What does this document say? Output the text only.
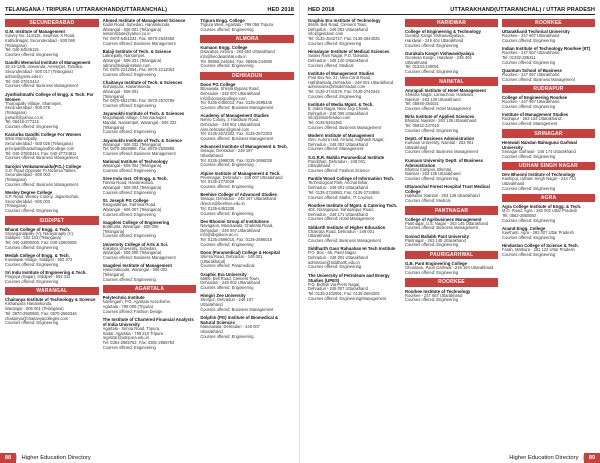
TELANGANA / TRIPURA / UTTARAKHAND(UTTARANCHAL)	HED 2018
SECUNDERABAD
G.M. Institute of Management
Survey No. 114/115, Seuman, X Road,
Kathidinagar, Secunderabad - 500 090
(Telangana)
Tel: 040-64546115
Courses offered: Engineering
Gandhi Memorial Institute of Management
16-13-12/B, Jeevanda, Ameerpet, Tarnaka,
Secunderabad - 500 017 (Telangana)
admin@gmim.edu.in
Tel: 040-27010444
Courses offered: Business Management
Jyothishmathi College of Engg. & Tech. For Women
Thurpupally Village, Shamirpet,
Secunderabad - 500 078
(Telangana)
jcetwdr@yahoo.co.in
Tel: 08418-277315
Courses offered: Engineering
Kasturba Gandhi College For Women
West Marredpally,
Secunderabad - 500 026 (Telangana)
principal@kasturbagandhicollege.com
Tel: 040-27800414, Fax: 040-27734811
Courses offered: Business Management
Sarojini Venkatamnaidu(P.G.) College
S.D. Road Opposite To Nizamia Tables
Secunderabad - 500 003
(Telangana)
Courses offered: Business Management
Wesley Degree College
S.P. Road, Wesley Colony, Jaganmohan,
Secunderabad - 500 003
(Telangana)
Courses offered: Engineering
SIDDIPET
Bharat College of Engg. & Tech.
Sriranganalpally (V), Narayanaply (V),
Siddipet - 502 103 (Telangana)
Tel: 040-23800000, Fax: 040-23800005
Courses offered: Engineering
Medak College of Engg. & Tech.
Kondapak Village, Siddipet - 502 372
Courses offered: Engineering
Sri Indu Institute of Engineering & Tech.
Pragnya (Sagar), Siddipet - 502 311
Courses offered: Engineering
WARANGAL
Chaitanya Institute of Technology & Science
Kishanpura Hanamkonda,
Warangal - 506 001 (Telangana)
Tel: 0870-2580880, Fax: 0870-2580346
chaitanya@chaitanyacolleges.com
Courses offered: Engineering
Ahmed Institute of Management Science
Kadiri Road, Subedari, Hanamkonda,
Warangal - 506 001 (Telangana)
aimsinstitute@yahoo.co.in
Tel: 0870-6451234, Fax: 0870-2544658
Courses offered: Business Management
Balaji Institute of Tech. & Science
Laknepally, Narsampet,
Warangal - 506 331 (Telangana)
admin@balajiinstitute.com
Tel: 0870-2212054, Fax: 0870-2212053
Courses offered: Engineering
Chaitanya Institute of Tech. & Sciences
Kishanpura, Hanamkonda,
Warangal - 506 001
(Telangana)
Tel: 0870-6522786, Fax: 0870-2570786
Courses offered: Engineering
Jayamukhi Institute of Tech. & Sciences
Mogullapalli Village, Chennaraopet
Mandal, Narsampet, Warangal - 506 332
(Telangana)
Courses offered: Engineering
Jayamukhi Institute of Tech. & Science
Warangal - 506 332 (Telangana)
Tel: 0870-2528888, Fax: 0870-2528888
Courses offered: Business Management
National Institute of Technology
Warangal - 506 004 (Telangana)
Courses offered: Engineering
Sree Indu Inst. Of Engg. & Tech.
Fatima Road, Hanamkonda,
Warangal - 506 004 (Telangana)
Courses offered: Engineering
St. Joseph PG College
Rangarakhan, Fathima Road,
Warangal - 506 007 (Telangana)
Courses offered: Engineering
Vaagdevi College of Engineering
Bollikunta, Warangal - 506 005
(Telangana)
Courses offered: Engineering
University College of Arts & Sci.
Kakatiya University, Subedari,
Warangal - 506 009 (Telangana)
Courses offered: Business Management
Vaagdevi Institute of Management
Hanumakonda, Warangal - 506 002
(Telangana)
Courses offered: Engineering
AGARTALA
Polytechnic Institute
Narsingarh, P.O. Agartala Aerodrome,
Agartala - 799 009 (Tripura)
Courses offered: Fashion Design
The Institute of Chartered Financial Analysts of India University
Agartala - Simna Road, Tripura,
Sadar, Agartala - 799 210 Tripura
registrar@iutripura.edu.in
Tel: 0381-2865752, Fax: 0381-2865754
Courses offered: Engineering
Tripura Engg. College
Tripura West, Agartala - 799 055 Tripura
Courses offered: Engineering
ALMORA
Kumaon Engg. College
Dwarahat, Almora - 263 653 Uttarakhand
info@kecdwarahat.edu.in
Tel: 05966-244564, Fax: 05966-244580
Courses offered: Engineering
DEHRADUN
Doon PG College
Bhauwala, Shimla Bypass Road,
Dehradun - 248 007 Uttarakhand
info@doonpgcollege.com
Tel: 0135-6450012, Fax: 0135-2695445
Courses offered: Business Management
Academy of Management Studies
Nehru Colony, 2 Haridwar Road,
Dehradun - 248 001 Uttarakhand
ams.dehradun@gmail.com
Tel: 0135-2672302, Fax: 0135-2672303
Courses offered: Business Management
Advanced Institute of Management & Tech.
Selaqui, Dehradun - 248 197
Uttarakhand
Tel: 0135-2698035, Fax: 0135-2698036
Courses offered: Engineering
Alpine Institute of Management & Tech.
Premnagar, Dehradun - 248 007 Uttarakhand
Tel: 0135-2773028
Courses offered: Engineering
Beehive College of Advanced Studies
Selaqui, Dehradun - 248 197 Uttarakhand
director@beehive.edu.in
Tel: 0135-6453339
Courses offered: Engineering
Dev Bhoomi Group of Institutions
Navagaon, Manduwala, Chakrata Road,
Dehradun - 248 007 Uttarakhand
info@dbgidoon.ac.in
Tel: 0135-2696016, Fax: 0135-2696018
Courses offered: Engineering
Doon (Paramedical) College & Hospital
Shimla Road, Dehradun - 248 001
(Uttarakhand)
Courses offered: Paramedical
Graphic Era University
566/6, Bell Road, Clement Town,
Dehradun - 248 002 Uttarakhand
Courses offered: Engineering
Himgiri Zee University
Sherpur, Dehradun - 248 197
Uttarakhand
Courses offered: Business Management
Dolphin (PG) Institute of Biomedical & Natural Sciences
Manduwala, Dehradun - 248 007
Uttarakhand
Courses offered: Engineering
88 | Higher Education Directory
HED 2018	UTTARAKHAND(UTTARANCHAL) / UTTAR PRADESH
Graphic Era Institute of Technology
566/6, Bell Road, Clement Town,
Dehradun - 248 002 Uttarakhand
info@geitdoon.com
Tel: 0135-2642727, Fax: 0135-2644025
Courses offered: Engineering
Himalayan Institute of Medical Sciences
Swami Ram Nagar, P.O. Doiwala,
Dehradun - 248 140 Uttarakhand
Courses offered: Medical
Institute of Management Studies
Post Box No. 21, New Cantt Road,
Hathibarkala, Dehradun - 248 001 Uttarakhand
admissions@imsdehradun.com
Tel: 0135-2741579, Fax: 0135-2740344
Courses offered: Engineering
Institute of Media Mgmt. & Tech.
8, Indira Nagar, Near Jogi Chowk,
Dehradun - 248 006 Uttarakhand
info@imtdehradun.com
Tel: 0135-6454482
Courses offered: Business Management
Modern Institute of Management
Gen. Aurora Hall, Arnwal, Subhash Nagar,
Dehradun - 248 002 Uttarakhand
Courses offered: Management
S.G.R.R. Mahila Paramedical Institute
Pandithari, Dehradun - 248 001
Uttarakhand
Courses offered: Fashion Science
Pantile Wood College of Information Tech.
Technological Park, Anchal Bihar,
Dehradun - 248 001 Uttarakhand
Tel: 0135-2734983, Fax: 0135-2734994
Courses offered: Maths, IT Courses
Roorkee Institute of Mgmt. & Catering Tech.
402, Niranjanpur, Saharanpur Road,
Dehradun - 248 171 Uttarakhand
Courses offered: Hotel Management
Siddarth Institute of Higher Education
Chakrata Road, Dehradun - 248 001
Uttarakhand
Courses offered: Business Management
Siddharth Gaur Rahuahan Hi Tech Institute
P.O. Box - 66, Patel Nagar,
Dehradun - 248 001 Uttarakhand
admission@siddharth.edu.in
Courses offered: Engineering
The University of Petroleum and Energy Studies (UPES)
P.O. Bidholi Via-Prem Nagar,
Dehradun - 248 007 Uttarakhand
Tel: 0135-2102691, Fax: 0135-2694204
Courses offered: Engineering/Management
HARIDWAR
College of Engineering & Technology
Gurukul Kangri Vishwavidyalaya,
Haridwar - 249 404 Uttarakhand
Courses offered: Engineering
Gurukula Kangri Vishwavidyalaya
Gurukula Kangri, Haridwar - 249 404
Uttarakhand
Tel: 01334-249091
Courses offered: Engineering
NAINITAL
Amrapali Institute of Hotel Management
Shiksha Nagar, Lamachour, Haldwani,
Nainital - 263 139 Uttarakhand
Tel: 05946-284021
Courses offered: Hotel Management
Birla Institute of Applied Sciences
Bhimtal, Nainital - 263 136 Uttarakhand
Tel: 05942-247019
Courses offered: Engineering
Deptt. of Business Administration
Kumaun University, Nainital - 263 001
Uttarakhand
Courses offered: Business Management
Kumaun University Deptt. of Business Administration
Bhimtal Campus, Bhimtal,
Nainital - 263 136 Uttarakhand
Courses offered: Engineering
Uttaranchal Forest Hospital Trust Medical College
Haldwani, Nainital - 263 139 Uttarakhand
Courses offered: Medical
PANTNAGAR
College of Agribusiness Management
Pantnagar, U.S. Nagar - 263 145 Uttarakhand
Courses offered: Business Management
Govind Ballabh Pant University
Pantnagar - 263 145 Uttarakhand
Courses offered: Engineering
PAURIGARHWAL
G.B. Pant Engineering College
Ghurdauri, Pauri Garhwal - 246 194 Uttarakhand
Courses offered: Engineering
ROORKEE
Roorkee Institute of Technology
Roorkee - 247 667 Uttarakhand
Courses offered: Engineering
ROORKEE
Uttarakhand Technical University
Roorkee - 247 667 Uttarakhand
Courses offered: Engineering
Indian Institute of Technology Roorkee (IIT)
Roorkee - 247 667 Uttarakhand
Tel: 01332-285311
Courses offered: Engineering
Quantum School of Business
Roorkee - 247 667 Uttarakhand
Courses offered: Business Management
RUDRAPUR
College of Engineering Roorkee
Roorkee - 247 667 Uttarakhand
Courses offered: Engineering
Institute of Management Studies
Rudrapur - 263 153 Uttarakhand
Courses offered: Management
SRINAGAR
Hemwati Nandan Bahuguna Garhwal University
Srinagar Garhwal - 246 174 Uttarakhand
Courses offered: Engineering
UDHAM SINGH NAGAR
Dev Bhoomi Institute of Technology
Kashipur, Udham Singh Nagar - 244 713
Uttarakhand
Courses offered: Engineering
AGRA
Agra College Institute of Engg. & Tech.
M.G. Road, Agra - 282 002 Uttar Pradesh
Tel: 0562-2850050
Courses offered: Engineering
Anand Engg. College
Keetham, Agra - 282 007 Uttar Pradesh
Courses offered: Engineering
Hindustan College of Science & Tech.
Farah, Mathura - 281 122 Uttar Pradesh
Courses offered: Engineering
Higher Education Directory	89
